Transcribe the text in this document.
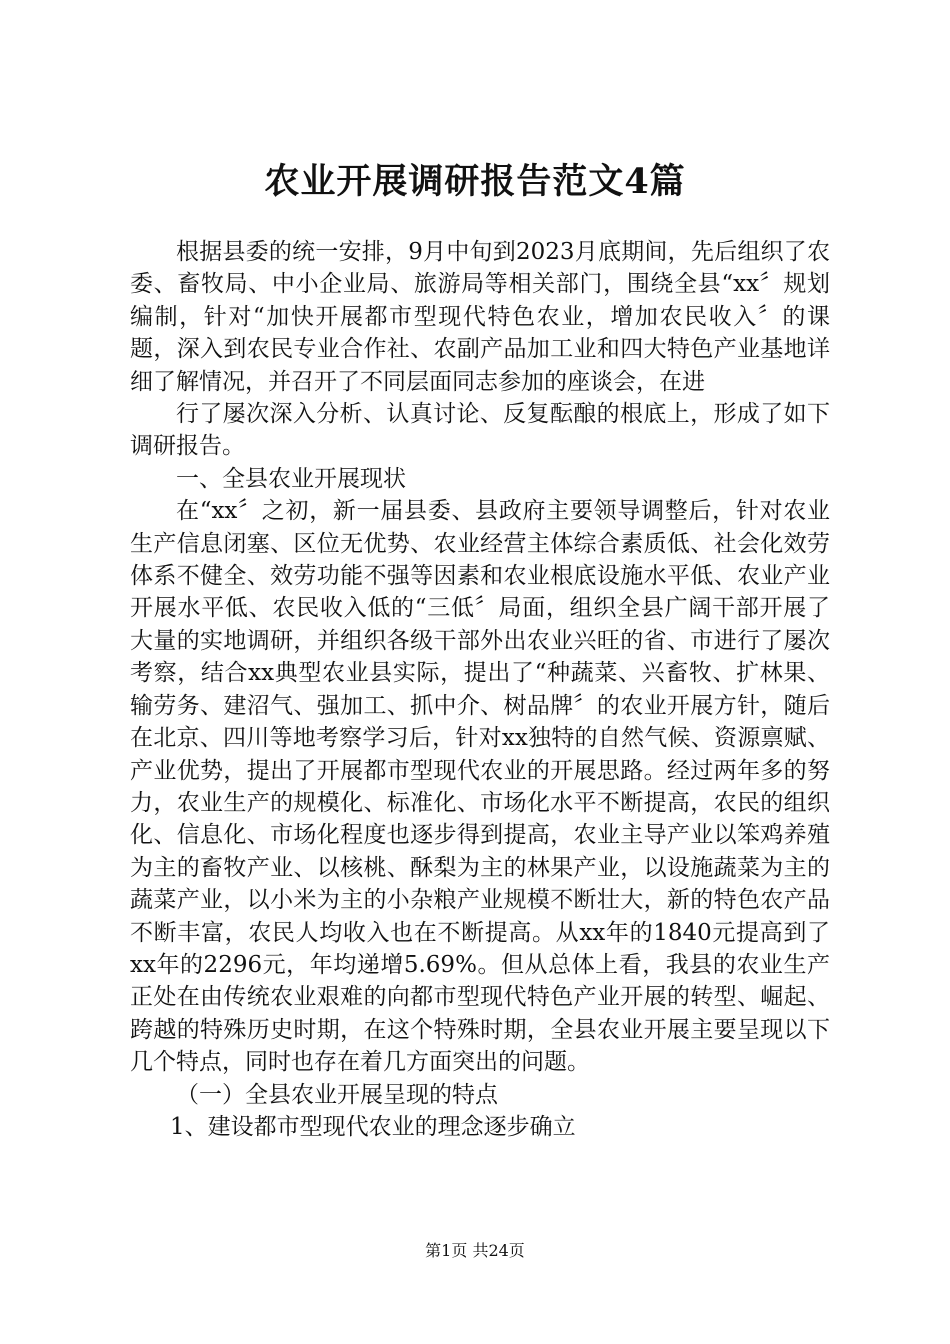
农业开展调研报告范文4篇

根据县委的统一安排，9月中旬到2023月底期间，先后组织了农委、畜牧局、中小企业局、旅游局等相关部门，围绕全县“xx〞规划编制，针对“加快开展都市型现代特色农业，增加农民收入〞的课题，深入到农民专业合作社、农副产品加工业和四大特色产业基地详细了解情况，并召开了不同层面同志参加的座谈会，在进

行了屡次深入分析、认真讨论、反复酝酿的根底上，形成了如下调研报告。

一、全县农业开展现状

在“xx〞之初，新一届县委、县政府主要领导调整后，针对农业生产信息闭塞、区位无优势、农业经营主体综合素质低、社会化效劳体系不健全、效劳功能不强等因素和农业根底设施水平低、农业产业开展水平低、农民收入低的“三低〞局面，组织全县广阔干部开展了大量的实地调研，并组织各级干部外出农业兴旺的省、市进行了屡次考察，结合xx典型农业县实际，提出了“种蔬菜、兴畜牧、扩林果、输劳务、建沼气、强加工、抓中介、树品牌〞的农业开展方针，随后在北京、四川等地考察学习后，针对xx独特的自然气候、资源禀赋、产业优势，提出了开展都市型现代农业的开展思路。经过两年多的努力，农业生产的规模化、标准化、市场化水平不断提高，农民的组织化、信息化、市场化程度也逐步得到提高，农业主导产业以笨鸡养殖为主的畜牧产业、以核桃、酥梨为主的林果产业，以设施蔬菜为主的蔬菜产业，以小米为主的小杂粮产业规模不断壮大，新的特色农产品不断丰富，农民人均收入也在不断提高。从xx年的1840元提高到了xx年的2296元，年均递增5.69%。但从总体上看，我县的农业生产正处在由传统农业艰难的向都市型现代特色产业开展的转型、崛起、跨越的特殊历史时期，在这个特殊时期，全县农业开展主要呈现以下几个特点，同时也存在着几方面突出的问题。

（一）全县农业开展呈现的特点

1、建设都市型现代农业的理念逐步确立

第1页 共24页
